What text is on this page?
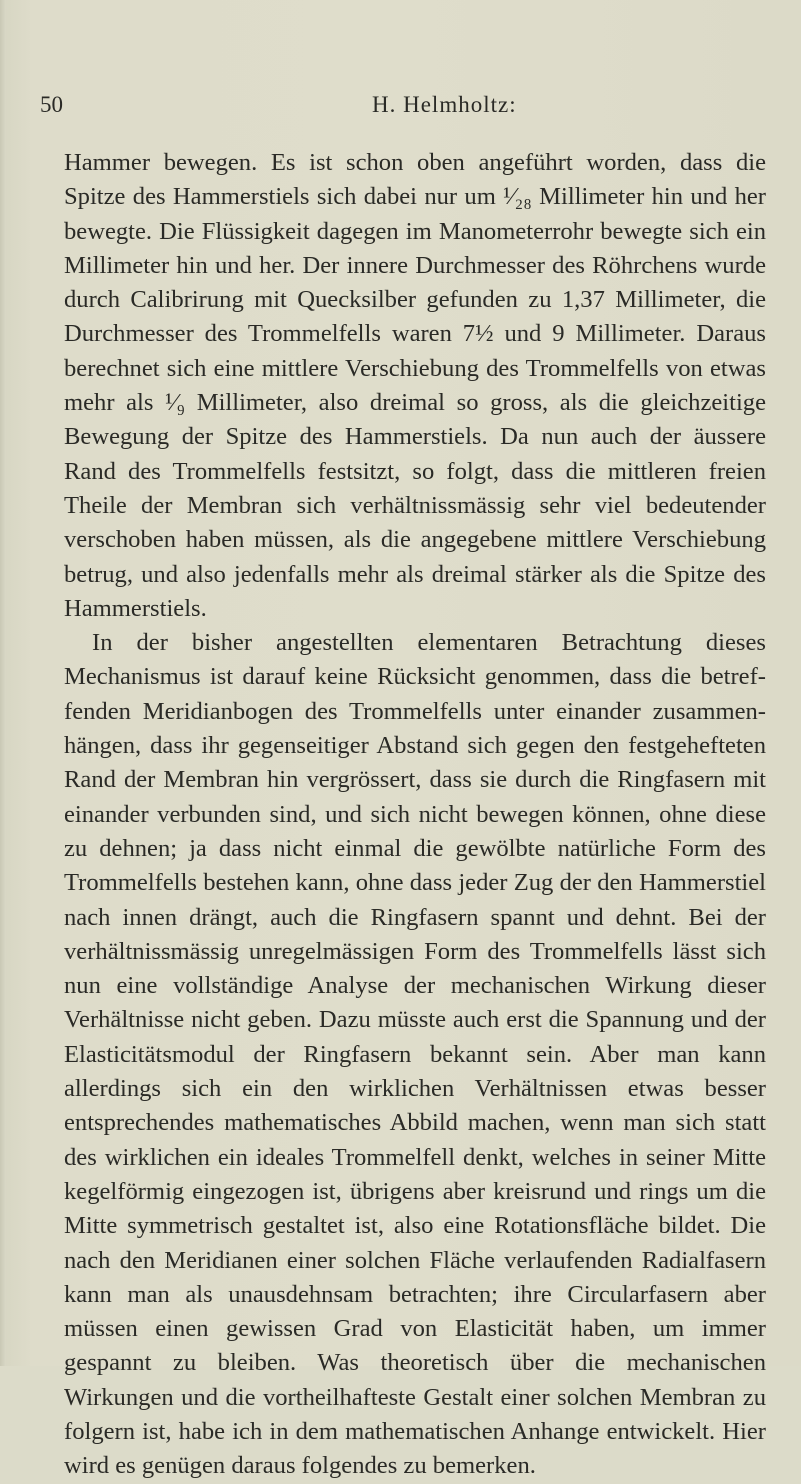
50	H. Helmholtz:

Hammer bewegen. Es ist schon oben angeführt worden, dass die Spitze des Hammerstiels sich dabei nur um ¹⁄₂₈ Millimeter hin und her bewegte. Die Flüssigkeit dagegen im Manometerrohr bewegte sich ein Millimeter hin und her. Der innere Durchmesser des Röhrchens wurde durch Calibrirung mit Quecksilber gefunden zu 1,37 Millimeter, die Durchmesser des Trommelfells waren 7½ und 9 Millimeter. Daraus berechnet sich eine mittlere Verschiebung des Trommelfells von etwas mehr als ¹⁄₉ Millimeter, also dreimal so gross, als die gleichzeitige Bewegung der Spitze des Hammerstiels. Da nun auch der äussere Rand des Trommelfells festsitzt, so folgt, dass die mittleren freien Theile der Membran sich verhältnissmässig sehr viel bedeutender verschoben haben müssen, als die angegebene mittlere Verschiebung betrug, und also jedenfalls mehr als dreimal stärker als die Spitze des Hammerstiels.

In der bisher angestellten elementaren Betrachtung dieses Mechanismus ist darauf keine Rücksicht genommen, dass die betreffenden Meridianbogen des Trommelfells unter einander zusammenhängen, dass ihr gegenseitiger Abstand sich gegen den festgehefteten Rand der Membran hin vergrössert, dass sie durch die Ringfasern mit einander verbunden sind, und sich nicht bewegen können, ohne diese zu dehnen; ja dass nicht einmal die gewölbte natürliche Form des Trommelfells bestehen kann, ohne dass jeder Zug der den Hammerstiel nach innen drängt, auch die Ringfasern spannt und dehnt. Bei der verhältnissmässig unregelmässigen Form des Trommelfells lässt sich nun eine vollständige Analyse der mechanischen Wirkung dieser Verhältnisse nicht geben. Dazu müsste auch erst die Spannung und der Elasticitätsmodul der Ringfasern bekannt sein. Aber man kann allerdings sich ein den wirklichen Verhältnissen etwas besser entsprechendes mathematisches Abbild machen, wenn man sich statt des wirklichen ein ideales Trommelfell denkt, welches in seiner Mitte kegelförmig eingezogen ist, übrigens aber kreisrund und rings um die Mitte symmetrisch gestaltet ist, also eine Rotationsfläche bildet. Die nach den Meridianen einer solchen Fläche verlaufenden Radialfasern kann man als unausdehnsam betrachten; ihre Circularfasern aber müssen einen gewissen Grad von Elasticität haben, um immer gespannt zu bleiben. Was theoretisch über die mechanischen Wirkungen und die vortheilhafteste Gestalt einer solchen Membran zu folgern ist, habe ich in dem mathematischen Anhange entwickelt. Hier wird es genügen daraus folgendes zu bemerken.
